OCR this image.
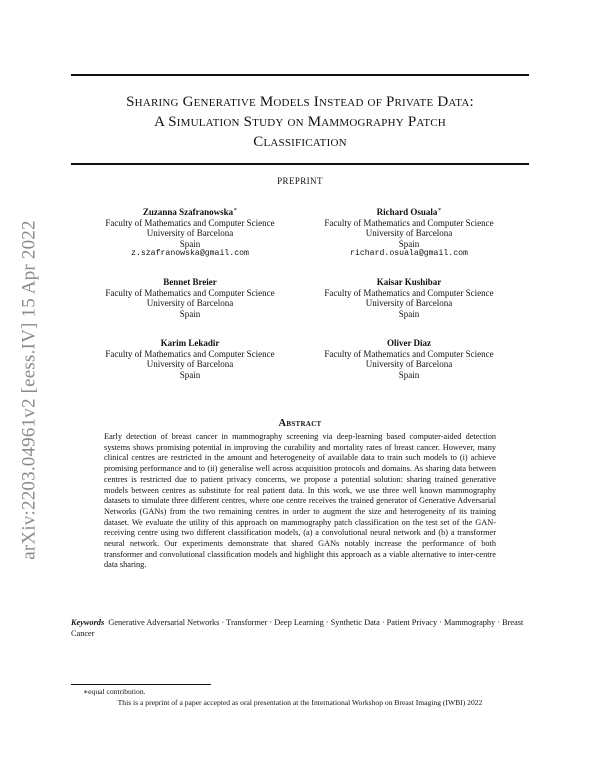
arXiv:2203.04961v2 [eess.IV] 15 Apr 2022
Sharing Generative Models Instead of Private Data:
A Simulation Study on Mammography Patch
Classification
PREPRINT
Zuzanna Szafranowska∗
Faculty of Mathematics and Computer Science
University of Barcelona
Spain
z.szafranowska@gmail.com
Richard Osuala∗
Faculty of Mathematics and Computer Science
University of Barcelona
Spain
richard.osuala@gmail.com
Bennet Breier
Faculty of Mathematics and Computer Science
University of Barcelona
Spain
Kaisar Kushibar
Faculty of Mathematics and Computer Science
University of Barcelona
Spain
Karim Lekadir
Faculty of Mathematics and Computer Science
University of Barcelona
Spain
Oliver Diaz
Faculty of Mathematics and Computer Science
University of Barcelona
Spain
Abstract
Early detection of breast cancer in mammography screening via deep-learning based computer-aided detection systems shows promising potential in improving the curability and mortality rates of breast cancer. However, many clinical centres are restricted in the amount and heterogeneity of available data to train such models to (i) achieve promising performance and to (ii) generalise well across acquisition protocols and domains. As sharing data between centres is restricted due to patient privacy concerns, we propose a potential solution: sharing trained generative models between centres as substitute for real patient data. In this work, we use three well known mammography datasets to simulate three different centres, where one centre receives the trained generator of Generative Adversarial Networks (GANs) from the two remaining centres in order to augment the size and heterogeneity of its training dataset. We evaluate the utility of this approach on mammography patch classification on the test set of the GAN-receiving centre using two different classification models, (a) a convolutional neural network and (b) a transformer neural network. Our experiments demonstrate that shared GANs notably increase the performance of both transformer and convolutional classification models and highlight this approach as a viable alternative to inter-centre data sharing.
Keywords Generative Adversarial Networks · Transformer · Deep Learning · Synthetic Data · Patient Privacy · Mammography · Breast Cancer
∗equal contribution.
This is a preprint of a paper accepted as oral presentation at the International Workshop on Breast Imaging (IWBI) 2022
